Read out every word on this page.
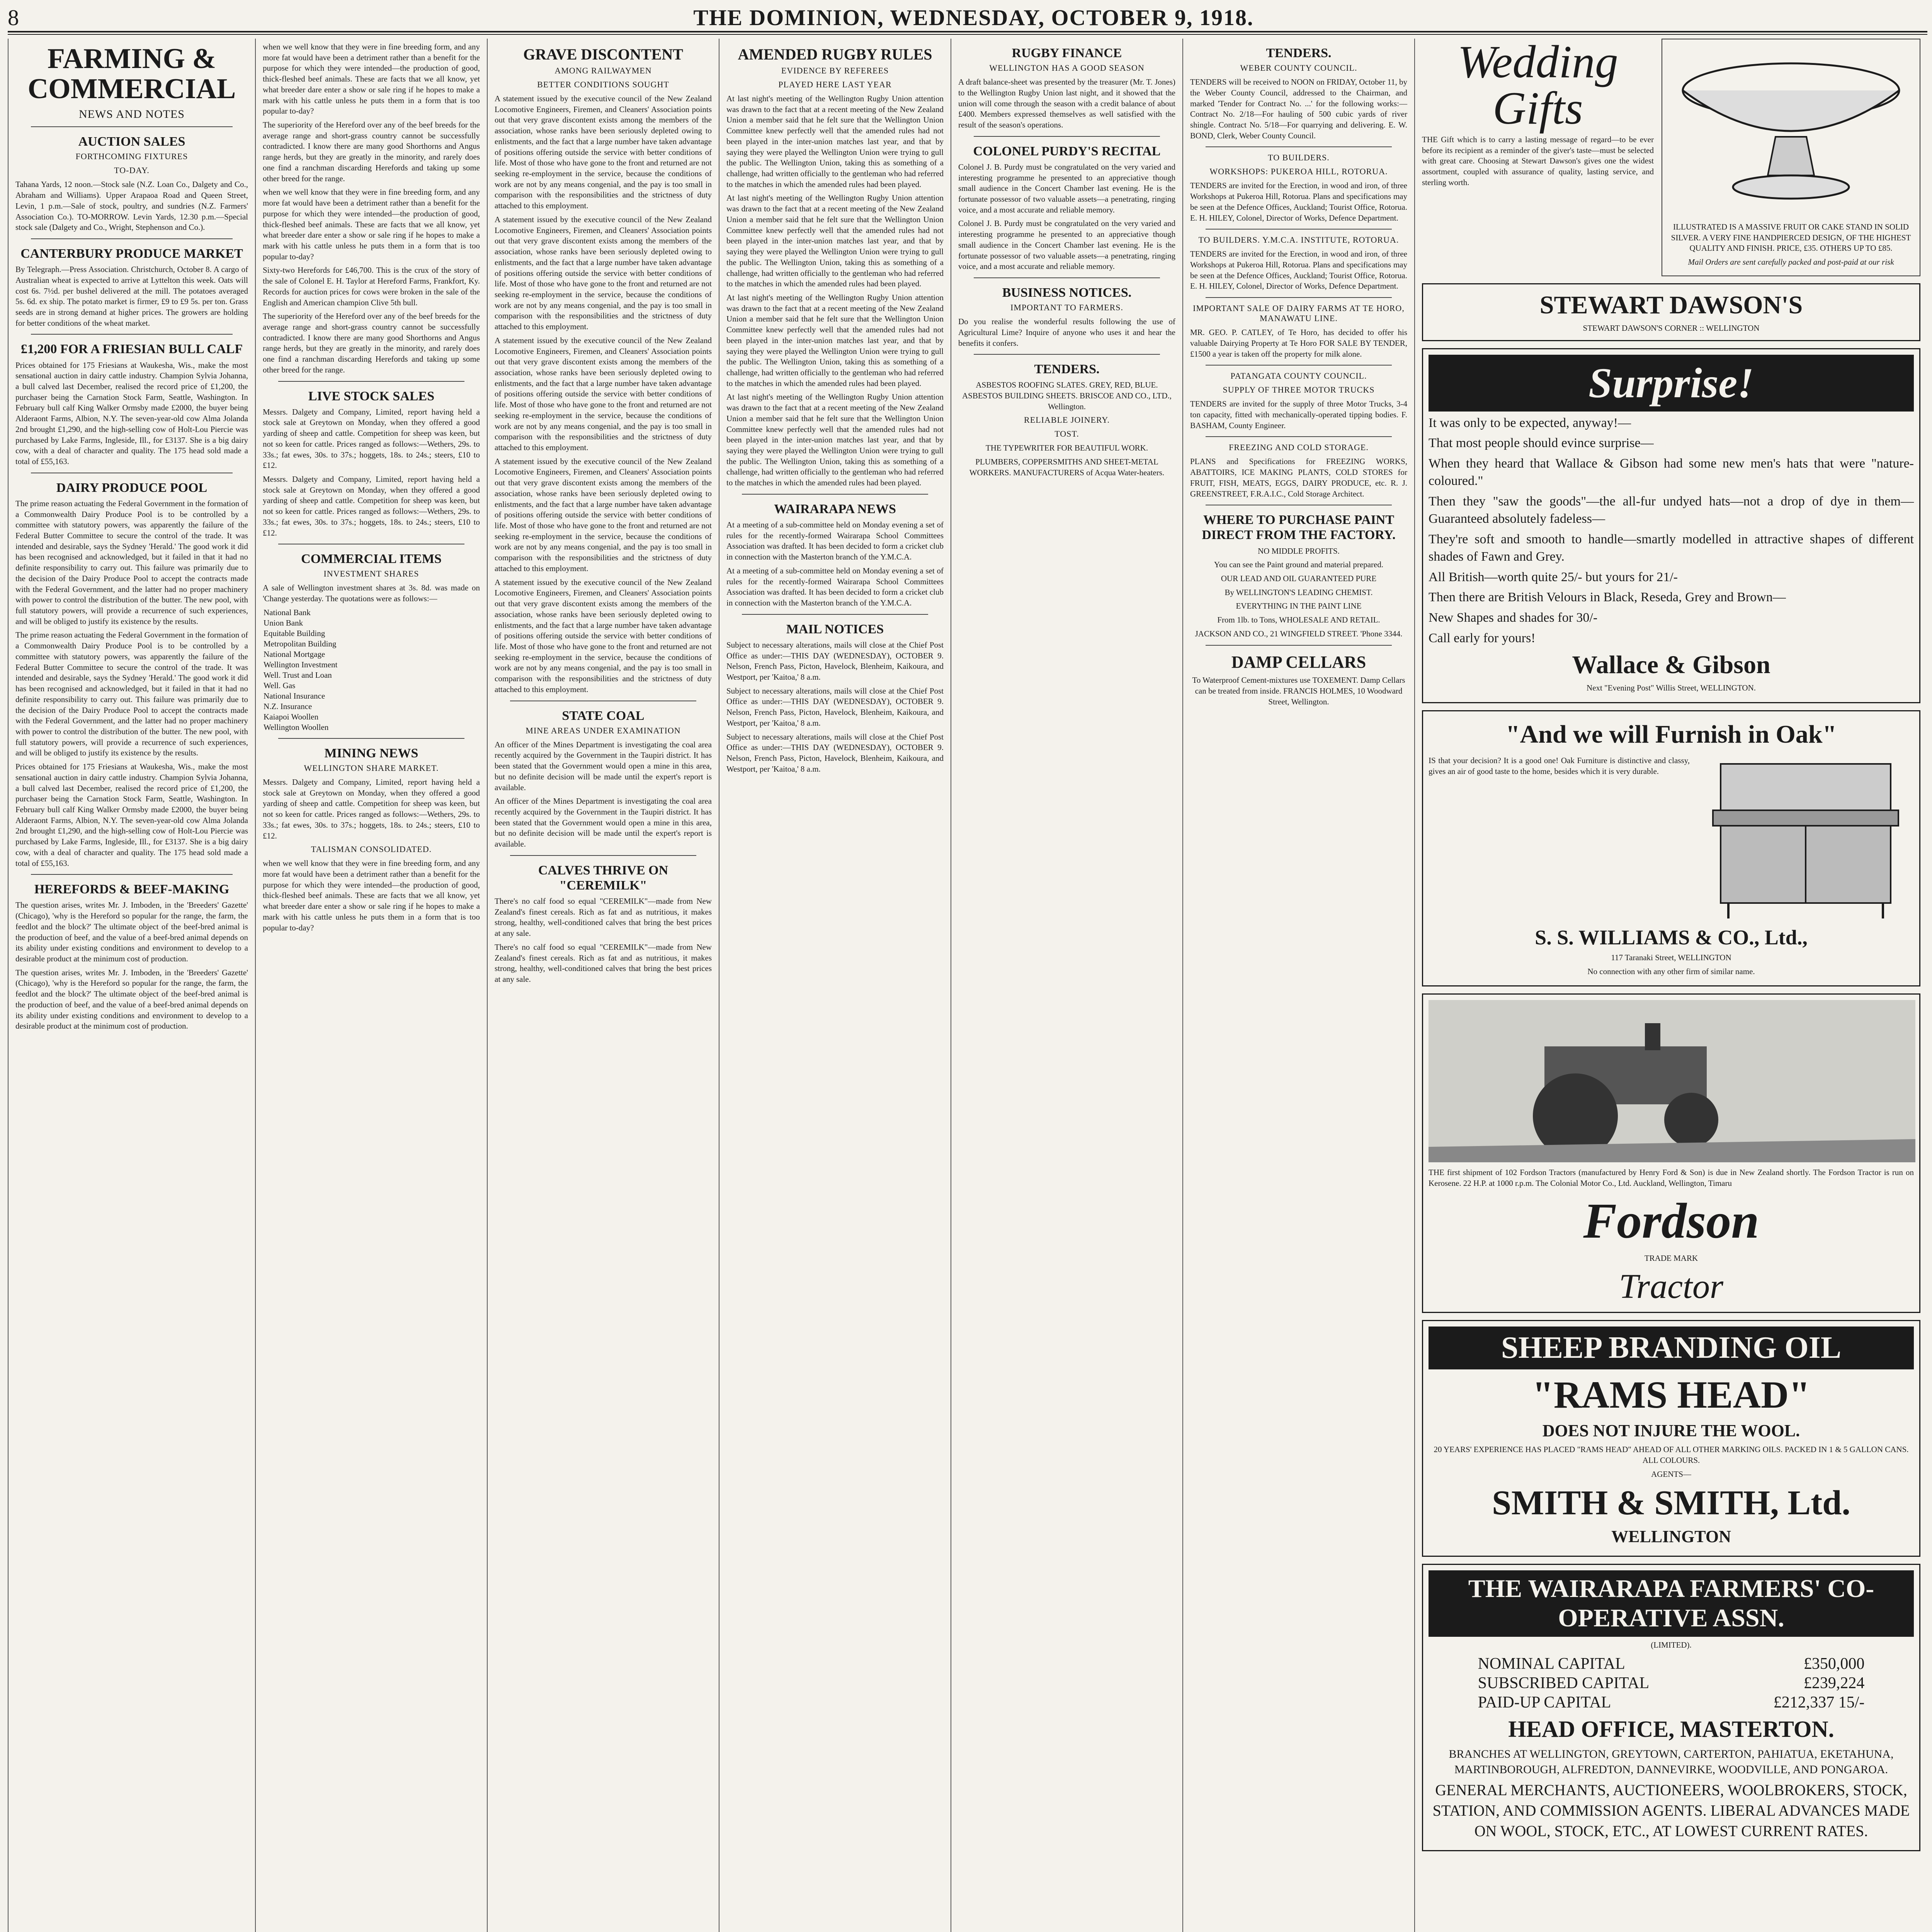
8	THE DOMINION, WEDNESDAY, OCTOBER 9, 1918.
FARMING & COMMERCIAL
NEWS AND NOTES
AUCTION SALES
FORTHCOMING FIXTURES
TO-DAY.

Tahana Yards, 12 noon.—Stock sale (N.Z. Loan Co., Dalgety and Co., Abraham and Williams). Upper Arapaoa Road and Queen Street, Levin, 1 p.m.—Sale of stock, poultry, and sundries (N.Z. Farmers' Association Co.). TO-MORROW. Levin Yards, 12.30 p.m.—Special stock sale (Dalgety and Co., Wright, Stephenson and Co.).

CANTERBURY PRODUCE MARKET

By Telegraph.—Press Association. Christchurch, October 8. A cargo of Australian wheat is expected to arrive at Lyttelton this week. Oats will cost 6s. 7½d. per bushel delivered at the mill. The potatoes averaged 5s. 6d. ex ship. The potato market is firmer, £9 to £9 5s. per ton. Grass seeds are in strong demand at higher prices. The growers are holding for better conditions of the wheat market.

£1,200 FOR A FRIESIAN BULL CALF

Prices obtained for 175 Friesians at Waukesha, Wis., make the most sensational auction in dairy cattle industry. Champion Sylvia Johanna, a bull calved last December, realised the record price of £1,200, the purchaser being the Carnation Stock Farm, Seattle, Washington. In February bull calf King Walker Ormsby made £2000, the buyer being Alderaont Farms, Albion, N.Y. The seven-year-old cow Alma Jolanda 2nd brought £1,290, and the high-selling cow of Holt-Lou Piercie was purchased by Lake Farms, Ingleside, Ill., for £3137. She is a big dairy cow, with a deal of character and quality. The 175 head sold made a total of £55,163.

DAIRY PRODUCE POOL

The prime reason actuating the Federal Government in the formation of a Commonwealth Dairy Produce Pool is to be controlled by a committee with statutory powers, was apparently the failure of the Federal Butter Committee to secure the control of the trade. It was intended and desirable, says the Sydney 'Herald.' The good work it did has been recognised and acknowledged, but it failed in that it had no definite responsibility to carry out. This failure was primarily due to the decision of the Dairy Produce Pool to accept the contracts made with the Federal Government, and the latter had no proper machinery with power to control the distribution of the butter. The new pool, with full statutory powers, will provide a recurrence of such experiences, and will be obliged to justify its existence by the results.

The prime reason actuating the Federal Government in the formation of a Commonwealth Dairy Produce Pool is to be controlled by a committee with statutory powers, was apparently the failure of the Federal Butter Committee to secure the control of the trade. It was intended and desirable, says the Sydney 'Herald.' The good work it did has been recognised and acknowledged, but it failed in that it had no definite responsibility to carry out. This failure was primarily due to the decision of the Dairy Produce Pool to accept the contracts made with the Federal Government, and the latter had no proper machinery with power to control the distribution of the butter. The new pool, with full statutory powers, will provide a recurrence of such experiences, and will be obliged to justify its existence by the results.

Prices obtained for 175 Friesians at Waukesha, Wis., make the most sensational auction in dairy cattle industry. Champion Sylvia Johanna, a bull calved last December, realised the record price of £1,200, the purchaser being the Carnation Stock Farm, Seattle, Washington. In February bull calf King Walker Ormsby made £2000, the buyer being Alderaont Farms, Albion, N.Y. The seven-year-old cow Alma Jolanda 2nd brought £1,290, and the high-selling cow of Holt-Lou Piercie was purchased by Lake Farms, Ingleside, Ill., for £3137. She is a big dairy cow, with a deal of character and quality. The 175 head sold made a total of £55,163.

HEREFORDS & BEEF-MAKING

The question arises, writes Mr. J. Imboden, in the 'Breeders' Gazette' (Chicago), 'why is the Hereford so popular for the range, the farm, the feedlot and the block?' The ultimate object of the beef-bred animal is the production of beef, and the value of a beef-bred animal depends on its ability under existing conditions and environment to develop to a desirable product at the minimum cost of production.

The question arises, writes Mr. J. Imboden, in the 'Breeders' Gazette' (Chicago), 'why is the Hereford so popular for the range, the farm, the feedlot and the block?' The ultimate object of the beef-bred animal is the production of beef, and the value of a beef-bred animal depends on its ability under existing conditions and environment to develop to a desirable product at the minimum cost of production.

when we well know that they were in fine breeding form, and any more fat would have been a detriment rather than a benefit for the purpose for which they were intended—the production of good, thick-fleshed beef animals. These are facts that we all know, yet what breeder dare enter a show or sale ring if he hopes to make a mark with his cattle unless he puts them in a form that is too popular to-day?

The superiority of the Hereford over any of the beef breeds for the average range and short-grass country cannot be successfully contradicted. I know there are many good Shorthorns and Angus range herds, but they are greatly in the minority, and rarely does one find a ranchman discarding Herefords and taking up some other breed for the range.

when we well know that they were in fine breeding form, and any more fat would have been a detriment rather than a benefit for the purpose for which they were intended—the production of good, thick-fleshed beef animals. These are facts that we all know, yet what breeder dare enter a show or sale ring if he hopes to make a mark with his cattle unless he puts them in a form that is too popular to-day?

Sixty-two Herefords for £46,700. This is the crux of the story of the sale of Colonel E. H. Taylor at Hereford Farms, Frankfort, Ky. Records for auction prices for cows were broken in the sale of the English and American champion Clive 5th bull.

The superiority of the Hereford over any of the beef breeds for the average range and short-grass country cannot be successfully contradicted. I know there are many good Shorthorns and Angus range herds, but they are greatly in the minority, and rarely does one find a ranchman discarding Herefords and taking up some other breed for the range.

LIVE STOCK SALES

Messrs. Dalgety and Company, Limited, report having held a stock sale at Greytown on Monday, when they offered a good yarding of sheep and cattle. Competition for sheep was keen, but not so keen for cattle. Prices ranged as follows:—Wethers, 29s. to 33s.; fat ewes, 30s. to 37s.; hoggets, 18s. to 24s.; steers, £10 to £12.

Messrs. Dalgety and Company, Limited, report having held a stock sale at Greytown on Monday, when they offered a good yarding of sheep and cattle. Competition for sheep was keen, but not so keen for cattle. Prices ranged as follows:—Wethers, 29s. to 33s.; fat ewes, 30s. to 37s.; hoggets, 18s. to 24s.; steers, £10 to £12.

COMMERCIAL ITEMS
INVESTMENT SHARES

A sale of Wellington investment shares at 3s. 8d. was made on 'Change yesterday. The quotations were as follows:—

National Bank		
Union Bank		
Equitable Building		
Metropolitan Building		
National Mortgage		
Wellington Investment		
Well. Trust and Loan		
Well. Gas		
National Insurance		
N.Z. Insurance		
Kaiapoi Woollen		
Wellington Woollen		
MINING NEWS
WELLINGTON SHARE MARKET.

Messrs. Dalgety and Company, Limited, report having held a stock sale at Greytown on Monday, when they offered a good yarding of sheep and cattle. Competition for sheep was keen, but not so keen for cattle. Prices ranged as follows:—Wethers, 29s. to 33s.; fat ewes, 30s. to 37s.; hoggets, 18s. to 24s.; steers, £10 to £12.

TALISMAN CONSOLIDATED.

when we well know that they were in fine breeding form, and any more fat would have been a detriment rather than a benefit for the purpose for which they were intended—the production of good, thick-fleshed beef animals. These are facts that we all know, yet what breeder dare enter a show or sale ring if he hopes to make a mark with his cattle unless he puts them in a form that is too popular to-day?

GRAVE DISCONTENT
AMONG RAILWAYMEN
BETTER CONDITIONS SOUGHT

A statement issued by the executive council of the New Zealand Locomotive Engineers, Firemen, and Cleaners' Association points out that very grave discontent exists among the members of the association, whose ranks have been seriously depleted owing to enlistments, and the fact that a large number have taken advantage of positions offering outside the service with better conditions of life. Most of those who have gone to the front and returned are not seeking re-employment in the service, because the conditions of work are not by any means congenial, and the pay is too small in comparison with the responsibilities and the strictness of duty attached to this employment.

A statement issued by the executive council of the New Zealand Locomotive Engineers, Firemen, and Cleaners' Association points out that very grave discontent exists among the members of the association, whose ranks have been seriously depleted owing to enlistments, and the fact that a large number have taken advantage of positions offering outside the service with better conditions of life. Most of those who have gone to the front and returned are not seeking re-employment in the service, because the conditions of work are not by any means congenial, and the pay is too small in comparison with the responsibilities and the strictness of duty attached to this employment.

A statement issued by the executive council of the New Zealand Locomotive Engineers, Firemen, and Cleaners' Association points out that very grave discontent exists among the members of the association, whose ranks have been seriously depleted owing to enlistments, and the fact that a large number have taken advantage of positions offering outside the service with better conditions of life. Most of those who have gone to the front and returned are not seeking re-employment in the service, because the conditions of work are not by any means congenial, and the pay is too small in comparison with the responsibilities and the strictness of duty attached to this employment.

A statement issued by the executive council of the New Zealand Locomotive Engineers, Firemen, and Cleaners' Association points out that very grave discontent exists among the members of the association, whose ranks have been seriously depleted owing to enlistments, and the fact that a large number have taken advantage of positions offering outside the service with better conditions of life. Most of those who have gone to the front and returned are not seeking re-employment in the service, because the conditions of work are not by any means congenial, and the pay is too small in comparison with the responsibilities and the strictness of duty attached to this employment.

A statement issued by the executive council of the New Zealand Locomotive Engineers, Firemen, and Cleaners' Association points out that very grave discontent exists among the members of the association, whose ranks have been seriously depleted owing to enlistments, and the fact that a large number have taken advantage of positions offering outside the service with better conditions of life. Most of those who have gone to the front and returned are not seeking re-employment in the service, because the conditions of work are not by any means congenial, and the pay is too small in comparison with the responsibilities and the strictness of duty attached to this employment.

STATE COAL
MINE AREAS UNDER EXAMINATION

An officer of the Mines Department is investigating the coal area recently acquired by the Government in the Taupiri district. It has been stated that the Government would open a mine in this area, but no definite decision will be made until the expert's report is available.

An officer of the Mines Department is investigating the coal area recently acquired by the Government in the Taupiri district. It has been stated that the Government would open a mine in this area, but no definite decision will be made until the expert's report is available.

CALVES THRIVE ON "CEREMILK"

There's no calf food so equal "CEREMILK"—made from New Zealand's finest cereals. Rich as fat and as nutritious, it makes strong, healthy, well-conditioned calves that bring the best prices at any sale.

There's no calf food so equal "CEREMILK"—made from New Zealand's finest cereals. Rich as fat and as nutritious, it makes strong, healthy, well-conditioned calves that bring the best prices at any sale.

AMENDED RUGBY RULES
EVIDENCE BY REFEREES
PLAYED HERE LAST YEAR

At last night's meeting of the Wellington Rugby Union attention was drawn to the fact that at a recent meeting of the New Zealand Union a member said that he felt sure that the Wellington Union Committee knew perfectly well that the amended rules had not been played in the inter-union matches last year, and that by saying they were played the Wellington Union were trying to gull the public. The Wellington Union, taking this as something of a challenge, had written officially to the gentleman who had referred to the matches in which the amended rules had been played.

At last night's meeting of the Wellington Rugby Union attention was drawn to the fact that at a recent meeting of the New Zealand Union a member said that he felt sure that the Wellington Union Committee knew perfectly well that the amended rules had not been played in the inter-union matches last year, and that by saying they were played the Wellington Union were trying to gull the public. The Wellington Union, taking this as something of a challenge, had written officially to the gentleman who had referred to the matches in which the amended rules had been played.

At last night's meeting of the Wellington Rugby Union attention was drawn to the fact that at a recent meeting of the New Zealand Union a member said that he felt sure that the Wellington Union Committee knew perfectly well that the amended rules had not been played in the inter-union matches last year, and that by saying they were played the Wellington Union were trying to gull the public. The Wellington Union, taking this as something of a challenge, had written officially to the gentleman who had referred to the matches in which the amended rules had been played.

At last night's meeting of the Wellington Rugby Union attention was drawn to the fact that at a recent meeting of the New Zealand Union a member said that he felt sure that the Wellington Union Committee knew perfectly well that the amended rules had not been played in the inter-union matches last year, and that by saying they were played the Wellington Union were trying to gull the public. The Wellington Union, taking this as something of a challenge, had written officially to the gentleman who had referred to the matches in which the amended rules had been played.

WAIRARAPA NEWS

At a meeting of a sub-committee held on Monday evening a set of rules for the recently-formed Wairarapa School Committees Association was drafted. It has been decided to form a cricket club in connection with the Masterton branch of the Y.M.C.A.

At a meeting of a sub-committee held on Monday evening a set of rules for the recently-formed Wairarapa School Committees Association was drafted. It has been decided to form a cricket club in connection with the Masterton branch of the Y.M.C.A.

MAIL NOTICES

Subject to necessary alterations, mails will close at the Chief Post Office as under:—THIS DAY (WEDNESDAY), OCTOBER 9. Nelson, French Pass, Picton, Havelock, Blenheim, Kaikoura, and Westport, per 'Kaitoa,' 8 a.m.

Subject to necessary alterations, mails will close at the Chief Post Office as under:—THIS DAY (WEDNESDAY), OCTOBER 9. Nelson, French Pass, Picton, Havelock, Blenheim, Kaikoura, and Westport, per 'Kaitoa,' 8 a.m.

Subject to necessary alterations, mails will close at the Chief Post Office as under:—THIS DAY (WEDNESDAY), OCTOBER 9. Nelson, French Pass, Picton, Havelock, Blenheim, Kaikoura, and Westport, per 'Kaitoa,' 8 a.m.

RUGBY FINANCE
WELLINGTON HAS A GOOD SEASON

A draft balance-sheet was presented by the treasurer (Mr. T. Jones) to the Wellington Rugby Union last night, and it showed that the union will come through the season with a credit balance of about £400. Members expressed themselves as well satisfied with the result of the season's operations.

COLONEL PURDY'S RECITAL

Colonel J. B. Purdy must be congratulated on the very varied and interesting programme he presented to an appreciative though small audience in the Concert Chamber last evening. He is the fortunate possessor of two valuable assets—a penetrating, ringing voice, and a most accurate and reliable memory.

Colonel J. B. Purdy must be congratulated on the very varied and interesting programme he presented to an appreciative though small audience in the Concert Chamber last evening. He is the fortunate possessor of two valuable assets—a penetrating, ringing voice, and a most accurate and reliable memory.

BUSINESS NOTICES.
IMPORTANT TO FARMERS.

Do you realise the wonderful results following the use of Agricultural Lime? Inquire of anyone who uses it and hear the benefits it confers.

TENDERS.

ASBESTOS ROOFING SLATES. GREY, RED, BLUE. ASBESTOS BUILDING SHEETS. BRISCOE AND CO., LTD., Wellington.

RELIABLE JOINERY.
TOST.

THE TYPEWRITER FOR BEAUTIFUL WORK.

PLUMBERS, COPPERSMITHS AND SHEET-METAL WORKERS. MANUFACTURERS of Acqua Water-heaters.

TENDERS.
WEBER COUNTY COUNCIL.

TENDERS will be received to NOON on FRIDAY, October 11, by the Weber County Council, addressed to the Chairman, and marked 'Tender for Contract No. ...' for the following works:— Contract No. 2/18—For hauling of 500 cubic yards of river shingle. Contract No. 5/18—For quarrying and delivering. E. W. BOND, Clerk, Weber County Council.

TO BUILDERS.
WORKSHOPS: PUKEROA HILL, ROTORUA.

TENDERS are invited for the Erection, in wood and iron, of three Workshops at Pukeroa Hill, Rotorua. Plans and specifications may be seen at the Defence Offices, Auckland; Tourist Office, Rotorua. E. H. HILEY, Colonel, Director of Works, Defence Department.

TO BUILDERS. Y.M.C.A. INSTITUTE, ROTORUA.

TENDERS are invited for the Erection, in wood and iron, of three Workshops at Pukeroa Hill, Rotorua. Plans and specifications may be seen at the Defence Offices, Auckland; Tourist Office, Rotorua. E. H. HILEY, Colonel, Director of Works, Defence Department.

IMPORTANT SALE OF DAIRY FARMS AT TE HORO, MANAWATU LINE.

MR. GEO. P. CATLEY, of Te Horo, has decided to offer his valuable Dairying Property at Te Horo FOR SALE BY TENDER, £1500 a year is taken off the property for milk alone.

PATANGATA COUNTY COUNCIL.
SUPPLY OF THREE MOTOR TRUCKS

TENDERS are invited for the supply of three Motor Trucks, 3-4 ton capacity, fitted with mechanically-operated tipping bodies. F. BASHAM, County Engineer.

FREEZING AND COLD STORAGE.

PLANS and Specifications for FREEZING WORKS, ABATTOIRS, ICE MAKING PLANTS, COLD STORES for FRUIT, FISH, MEATS, EGGS, DAIRY PRODUCE, etc. R. J. GREENSTREET, F.R.A.I.C., Cold Storage Architect.

WHERE TO PURCHASE PAINT DIRECT FROM THE FACTORY.

NO MIDDLE PROFITS.

You can see the Paint ground and material prepared.

OUR LEAD AND OIL GUARANTEED PURE

By WELLINGTON'S LEADING CHEMIST.

EVERYTHING IN THE PAINT LINE

From 1lb. to Tons, WHOLESALE AND RETAIL.

JACKSON AND CO., 21 WINGFIELD STREET. 'Phone 3344.

DAMP CELLARS

To Waterproof Cement-mixtures use TOXEMENT. Damp Cellars can be treated from inside. FRANCIS HOLMES, 10 Woodward Street, Wellington.

Wedding Gifts

THE Gift which is to carry a lasting message of regard—to be ever before its recipient as a reminder of the giver's taste—must be selected with great care. Choosing at Stewart Dawson's gives one the widest assortment, coupled with assurance of quality, lasting service, and sterling worth.

ILLUSTRATED IS A MASSIVE FRUIT OR CAKE STAND IN SOLID SILVER. A VERY FINE HANDPIERCED DESIGN, OF THE HIGHEST QUALITY AND FINISH. PRICE, £35. OTHERS UP TO £85.

Mail Orders are sent carefully packed and post-paid at our risk

STEWART DAWSON'S
STEWART DAWSON'S CORNER :: WELLINGTON
Surprise!

It was only to be expected, anyway!—

That most people should evince surprise—

When they heard that Wallace & Gibson had some new men's hats that were "nature-coloured."

Then they "saw the goods"—the all-fur undyed hats—not a drop of dye in them—Guaranteed absolutely fadeless—

They're soft and smooth to handle—smartly modelled in attractive shapes of different shades of Fawn and Grey.

All British—worth quite 25/- but yours for 21/-

Then there are British Velours in Black, Reseda, Grey and Brown—

New Shapes and shades for 30/-

Call early for yours!

Wallace & Gibson
Next "Evening Post" Willis Street, WELLINGTON.
"And we will Furnish in Oak"

IS that your decision? It is a good one! Oak Furniture is distinctive and classy, gives an air of good taste to the home, besides which it is very durable.

S. S. WILLIAMS & CO., Ltd.,
117 Taranaki Street, WELLINGTON
No connection with any other firm of similar name.

THE first shipment of 102 Fordson Tractors (manufactured by Henry Ford & Son) is due in New Zealand shortly. The Fordson Tractor is run on Kerosene. 22 H.P. at 1000 r.p.m. The Colonial Motor Co., Ltd. Auckland, Wellington, Timaru

Fordson
TRADE MARK
Tractor
SHEEP BRANDING OIL
"RAMS HEAD"
DOES NOT INJURE THE WOOL.

20 YEARS' EXPERIENCE HAS PLACED "RAMS HEAD" AHEAD OF ALL OTHER MARKING OILS. PACKED IN 1 & 5 GALLON CANS. ALL COLOURS.

AGENTS—
SMITH & SMITH, Ltd.
WELLINGTON
THE WAIRARAPA FARMERS' CO-OPERATIVE ASSN.
(LIMITED).
NOMINAL CAPITAL	£350,000
SUBSCRIBED CAPITAL	£239,224
PAID-UP CAPITAL	£212,337 15/-
HEAD OFFICE, MASTERTON.

BRANCHES AT WELLINGTON, GREYTOWN, CARTERTON, PAHIATUA, EKETAHUNA, MARTINBOROUGH, ALFREDTON, DANNEVIRKE, WOODVILLE, AND PONGAROA.

GENERAL MERCHANTS, AUCTIONEERS, WOOLBROKERS, STOCK, STATION, AND COMMISSION AGENTS. LIBERAL ADVANCES MADE ON WOOL, STOCK, ETC., AT LOWEST CURRENT RATES.
